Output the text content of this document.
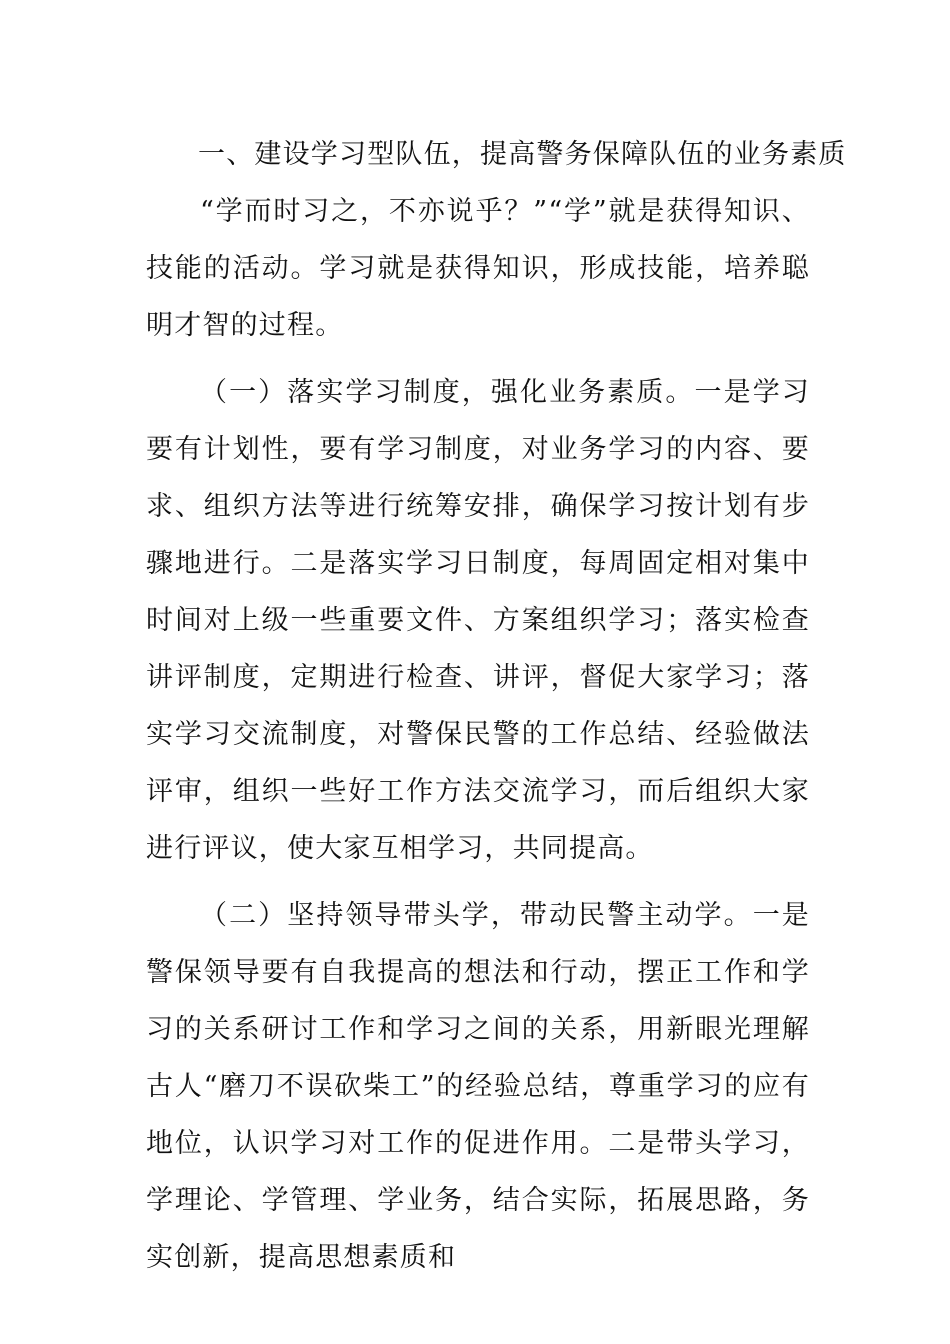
一、建设学习型队伍，提高警务保障队伍的业务素质

“学而时习之，不亦说乎？”“学”就是获得知识、技能的活动。学习就是获得知识，形成技能，培养聪明才智的过程。

（一）落实学习制度，强化业务素质。一是学习要有计划性，要有学习制度，对业务学习的内容、要求、组织方法等进行统筹安排，确保学习按计划有步骤地进行。二是落实学习日制度，每周固定相对集中时间对上级一些重要文件、方案组织学习；落实检查讲评制度，定期进行检查、讲评，督促大家学习；落实学习交流制度，对警保民警的工作总结、经验做法评审，组织一些好工作方法交流学习，而后组织大家进行评议，使大家互相学习，共同提高。

（二）坚持领导带头学，带动民警主动学。一是警保领导要有自我提高的想法和行动，摆正工作和学习的关系研讨工作和学习之间的关系，用新眼光理解古人“磨刀不误砍柴工”的经验总结，尊重学习的应有地位，认识学习对工作的促进作用。二是带头学习，学理论、学管理、学业务，结合实际，拓展思路，务实创新，提高思想素质和
